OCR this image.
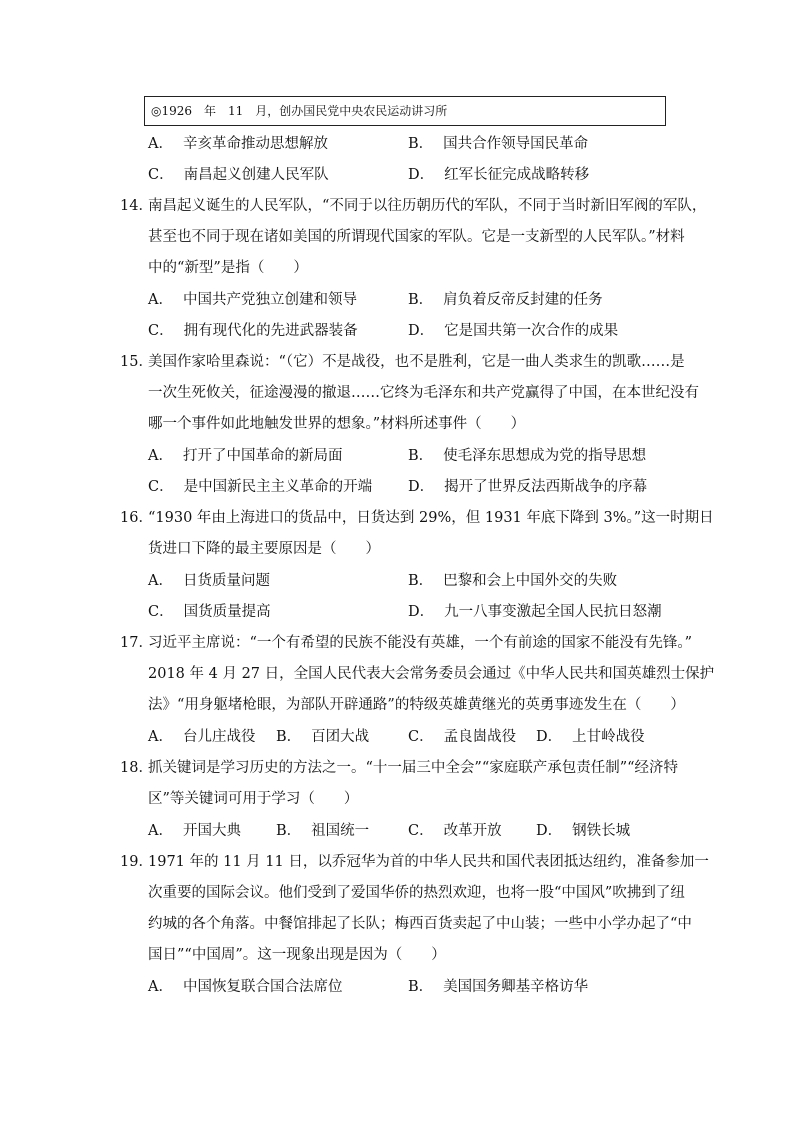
◎1926　年　11　月，创办国民党中央农民运动讲习所
A． 辛亥革命推动思想解放	B． 国共合作领导国民革命
C． 南昌起义创建人民军队	D． 红军长征完成战略转移
14．
南昌起义诞生的人民军队，“不同于以往历朝历代的军队，不同于当时新旧军阀的军队，
甚至也不同于现在诸如美国的所谓现代国家的军队。它是一支新型的人民军队。”材料
中的“新型”是指（　　）
A． 中国共产党独立创建和领导	B． 肩负着反帝反封建的任务
C． 拥有现代化的先进武器装备	D． 它是国共第一次合作的成果
15．
美国作家哈里森说：“（它）不是战役，也不是胜利，它是一曲人类求生的凯歌……是
一次生死攸关，征途漫漫的撤退……它终为毛泽东和共产党赢得了中国，在本世纪没有
哪一个事件如此地触发世界的想象。”材料所述事件（　　）
A． 打开了中国革命的新局面	B． 使毛泽东思想成为党的指导思想
C． 是中国新民主主义革命的开端 D． 揭开了世界反法西斯战争的序幕
16．
“1930 年由上海进口的货品中，日货达到 29%，但 1931 年底下降到 3%。”这一时期日
货进口下降的最主要原因是（　　）
A． 日货质量问题	B． 巴黎和会上中国外交的失败
C． 国货质量提高	D． 九一八事变激起全国人民抗日怒潮
17．
习近平主席说：“一个有希望的民族不能没有英雄，一个有前途的国家不能没有先锋。”
2018 年 4 月 27 日，全国人民代表大会常务委员会通过《中华人民共和国英雄烈士保护
法》“用身躯堵枪眼，为部队开辟通路”的特级英雄黄继光的英勇事迹发生在（　　）
A． 台儿庄战役 B． 百团大战	C． 孟良崮战役 D． 上甘岭战役
18．
抓关键词是学习历史的方法之一。“十一届三中全会”“家庭联产承包责任制”“经济特
区”等关键词可用于学习（　　）
A． 开国大典 B． 祖国统一	C． 改革开放 D． 钢铁长城
19．
1971 年的 11 月 11 日，以乔冠华为首的中华人民共和国代表团抵达纽约，准备参加一
次重要的国际会议。他们受到了爱国华侨的热烈欢迎，也将一股“中国风”吹拂到了纽
约城的各个角落。中餐馆排起了长队；梅西百货卖起了中山装；一些中小学办起了“中
国日”“中国周”。这一现象出现是因为（　　）
A． 中国恢复联合国合法席位	B． 美国国务卿基辛格访华
